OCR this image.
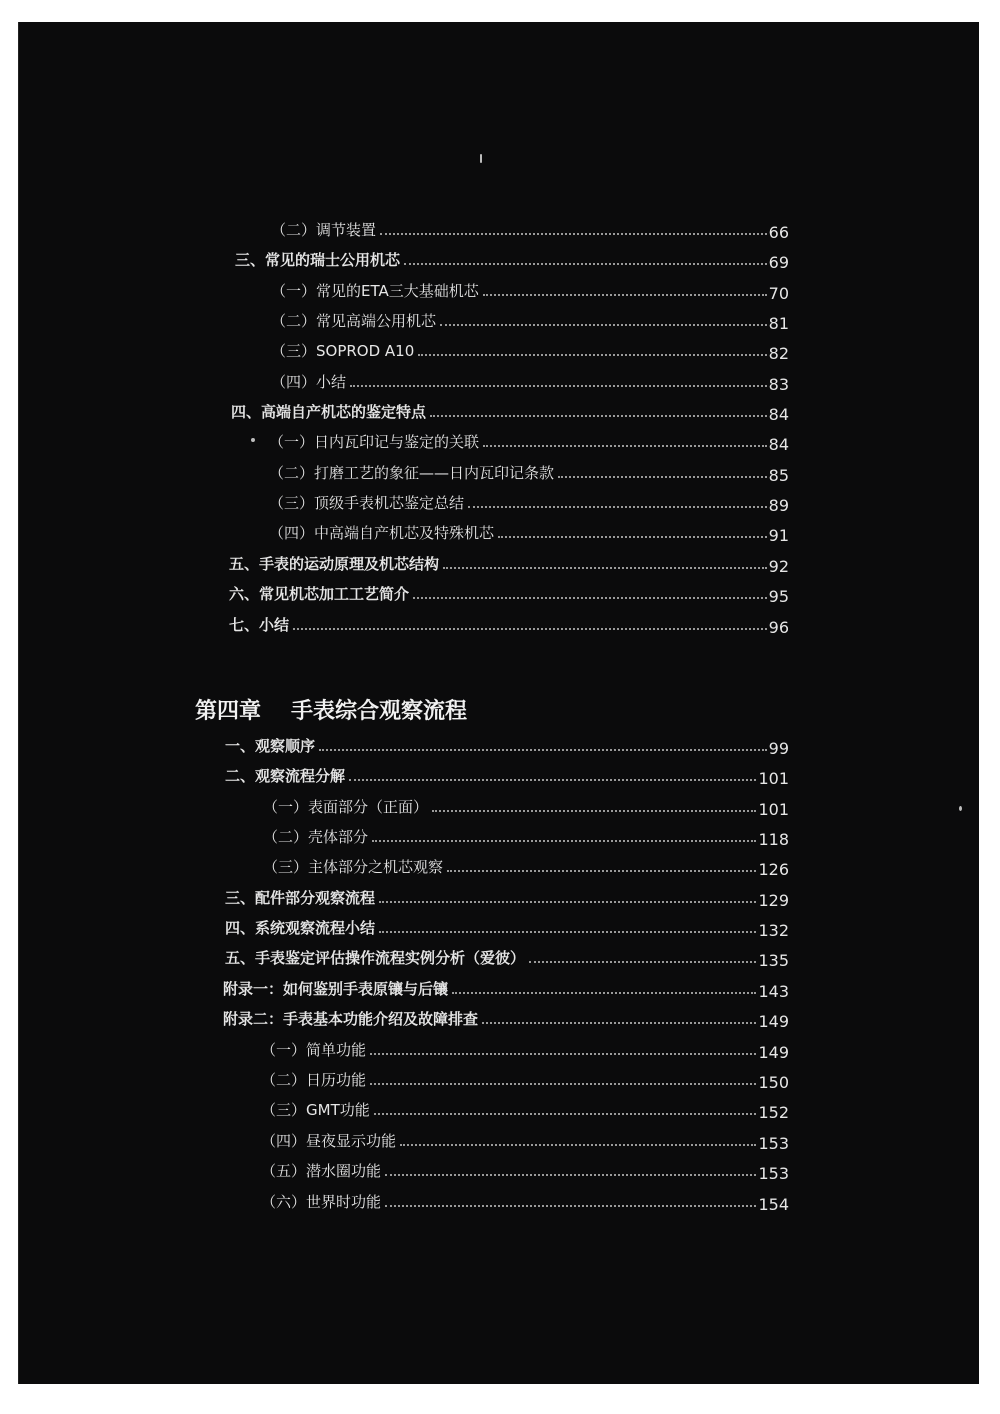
（二）调节装置	66
三、常见的瑞士公用机芯	69
（一）常见的ETA三大基础机芯	70
（二）常见高端公用机芯	81
（三）SOPROD A10	82
（四）小结	83
四、高端自产机芯的鉴定特点	84
（一）日内瓦印记与鉴定的关联	84
（二）打磨工艺的象征——日内瓦印记条款	85
（三）顶级手表机芯鉴定总结	89
（四）中高端自产机芯及特殊机芯	91
五、手表的运动原理及机芯结构	92
六、常见机芯加工工艺简介	95
七、小结	96
第四章 手表综合观察流程
一、观察顺序	99
二、观察流程分解	101
（一）表面部分（正面）	101
（二）壳体部分	118
（三）主体部分之机芯观察	126
三、配件部分观察流程	129
四、系统观察流程小结	132
五、手表鉴定评估操作流程实例分析（爱彼）	135
附录一：如何鉴别手表原镶与后镶	143
附录二：手表基本功能介绍及故障排查	149
（一）简单功能	149
（二）日历功能	150
（三）GMT功能	152
（四）昼夜显示功能	153
（五）潜水圈功能	153
（六）世界时功能	154
